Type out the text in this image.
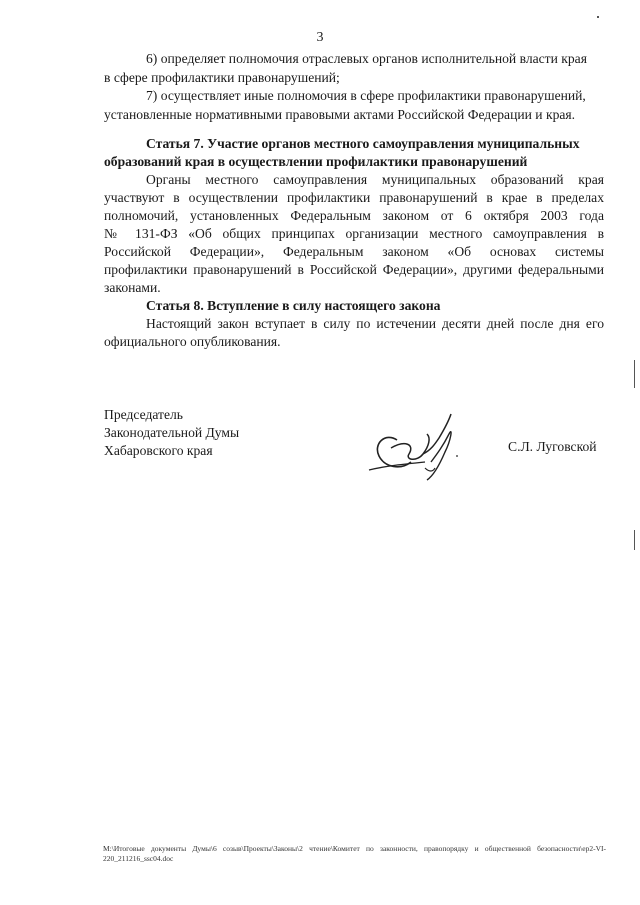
3
6) определяет полномочия отраслевых органов исполнительной власти края
в сфере профилактики правонарушений;
7) осуществляет иные полномочия в сфере профилактики правонарушений,
установленные нормативными правовыми актами Российской Федерации и края.
Статья 7. Участие органов местного самоуправления муниципальных
образований края в осуществлении профилактики правонарушений
Органы местного самоуправления муниципальных образований края
участвуют в осуществлении профилактики правонарушений в крае в пределах
полномочий, установленных Федеральным законом от 6 октября 2003 года
№ 131-ФЗ «Об общих принципах организации местного самоуправления в
Российской Федерации», Федеральным законом «Об основах системы
профилактики правонарушений в Российской Федерации», другими федеральными
законами.
Статья 8. Вступление в силу настоящего закона
Настоящий закон вступает в силу по истечении десяти дней после дня его
официального опубликования.
Председатель
Законодательной Думы
Хабаровского края	С.Л. Луговской
М:\Итоговые документы Думы\6 созыв\Проекты\Законы\2 чтение\Комитет по законности, правопорядку и общественной безопасности\ер2-VI-
220_211216_ssc04.doc
